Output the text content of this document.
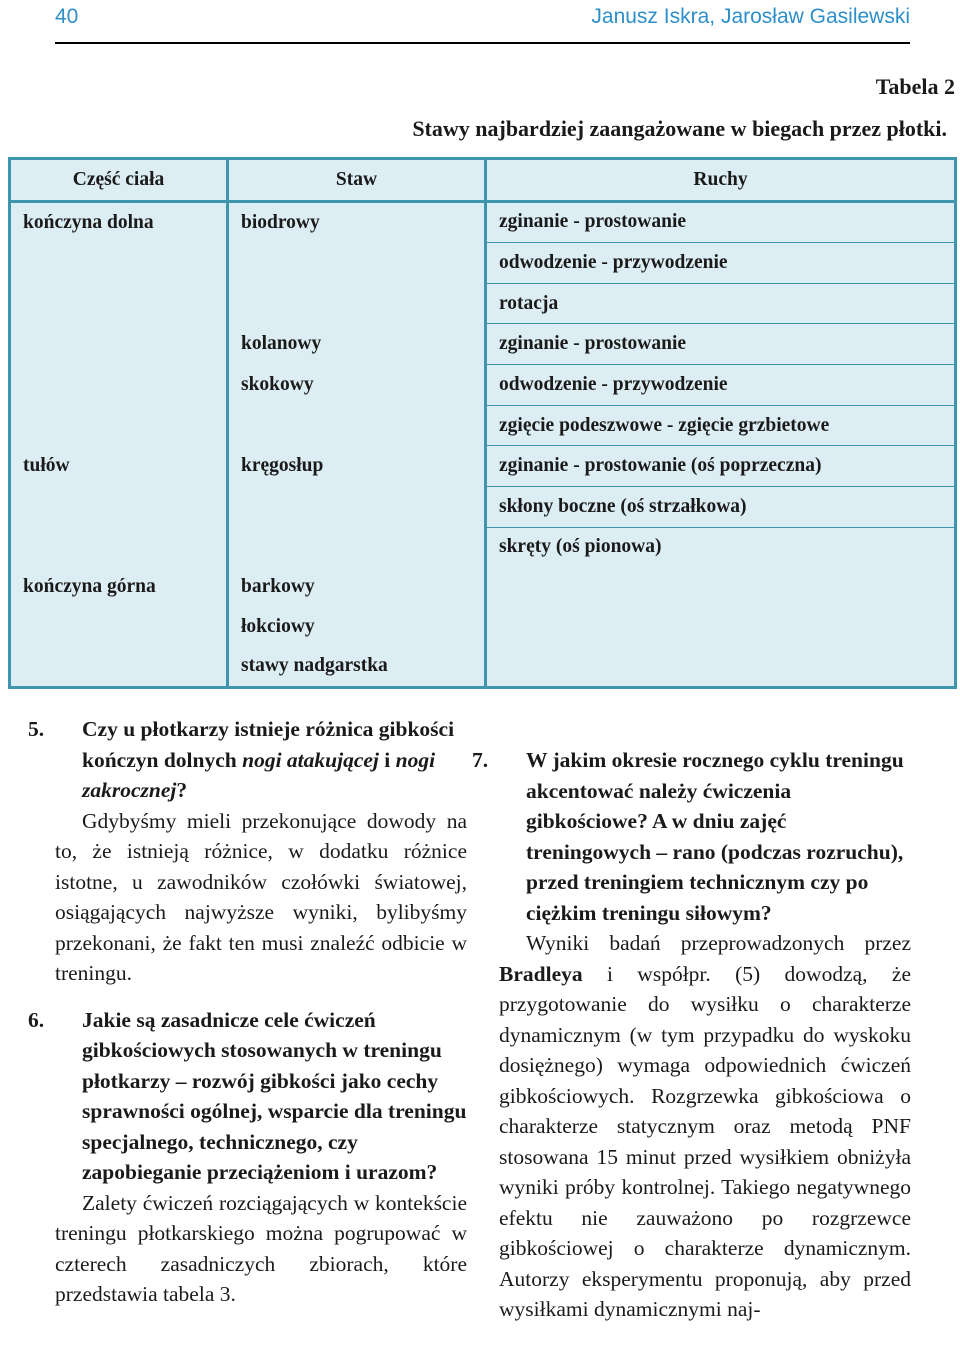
40	Janusz Iskra, Jarosław Gasilewski
Tabela 2
Stawy najbardziej zaangażowane w biegach przez płotki.
Część ciała	Staw	Ruchy
kończyna dolna	biodrowy	zginanie - prostowanie
		odwodzenie - przywodzenie
		rotacja
	kolanowy	zginanie - prostowanie
	skokowy	odwodzenie - przywodzenie
		zgięcie podeszwowe - zgięcie grzbietowe
tułów	kręgosłup	zginanie - prostowanie (oś poprzeczna)
		skłony boczne (oś strzałkowa)
		skręty (oś pionowa)
kończyna górna	barkowy	
	łokciowy	
	stawy nadgarstka	

5. Czy u płotkarzy istnieje różnica gibkości kończyn dolnych nogi atakującej i nogi zakrocznej?

Gdybyśmy mieli przekonujące dowody na to, że istnieją różnice, w dodatku różnice istotne, u zawodników czołówki światowej, osiągających najwyższe wyniki, bylibyśmy przekonani, że fakt ten musi znaleźć odbicie w treningu.

6. Jakie są zasadnicze cele ćwiczeń gibkościowych stosowanych w treningu płotkarzy – rozwój gibkości jako cechy sprawności ogólnej, wsparcie dla treningu specjalnego, technicznego, czy zapobieganie przeciążeniom i urazom?

Zalety ćwiczeń rozciągających w kontekście treningu płotkarskiego można pogrupować w czterech zasadniczych zbiorach, które przedstawia tabela 3.

7. W jakim okresie rocznego cyklu treningu akcentować należy ćwiczenia gibkościowe? A w dniu zajęć treningowych – rano (podczas rozruchu), przed treningiem technicznym czy po ciężkim treningu siłowym?

Wyniki badań przeprowadzonych przez Bradleya i współpr. (5) dowodzą, że przygotowanie do wysiłku o charakterze dynamicznym (w tym przypadku do wyskoku dosiężnego) wymaga odpowiednich ćwiczeń gibkościowych. Rozgrzewka gibkościowa o charakterze statycznym oraz metodą PNF stosowana 15 minut przed wysiłkiem obniżyła wyniki próby kontrolnej. Takiego negatywnego efektu nie zauważono po rozgrzewce gibkościowej o charakterze dynamicznym. Autorzy eksperymentu proponują, aby przed wysiłkami dynamicznymi naj-
